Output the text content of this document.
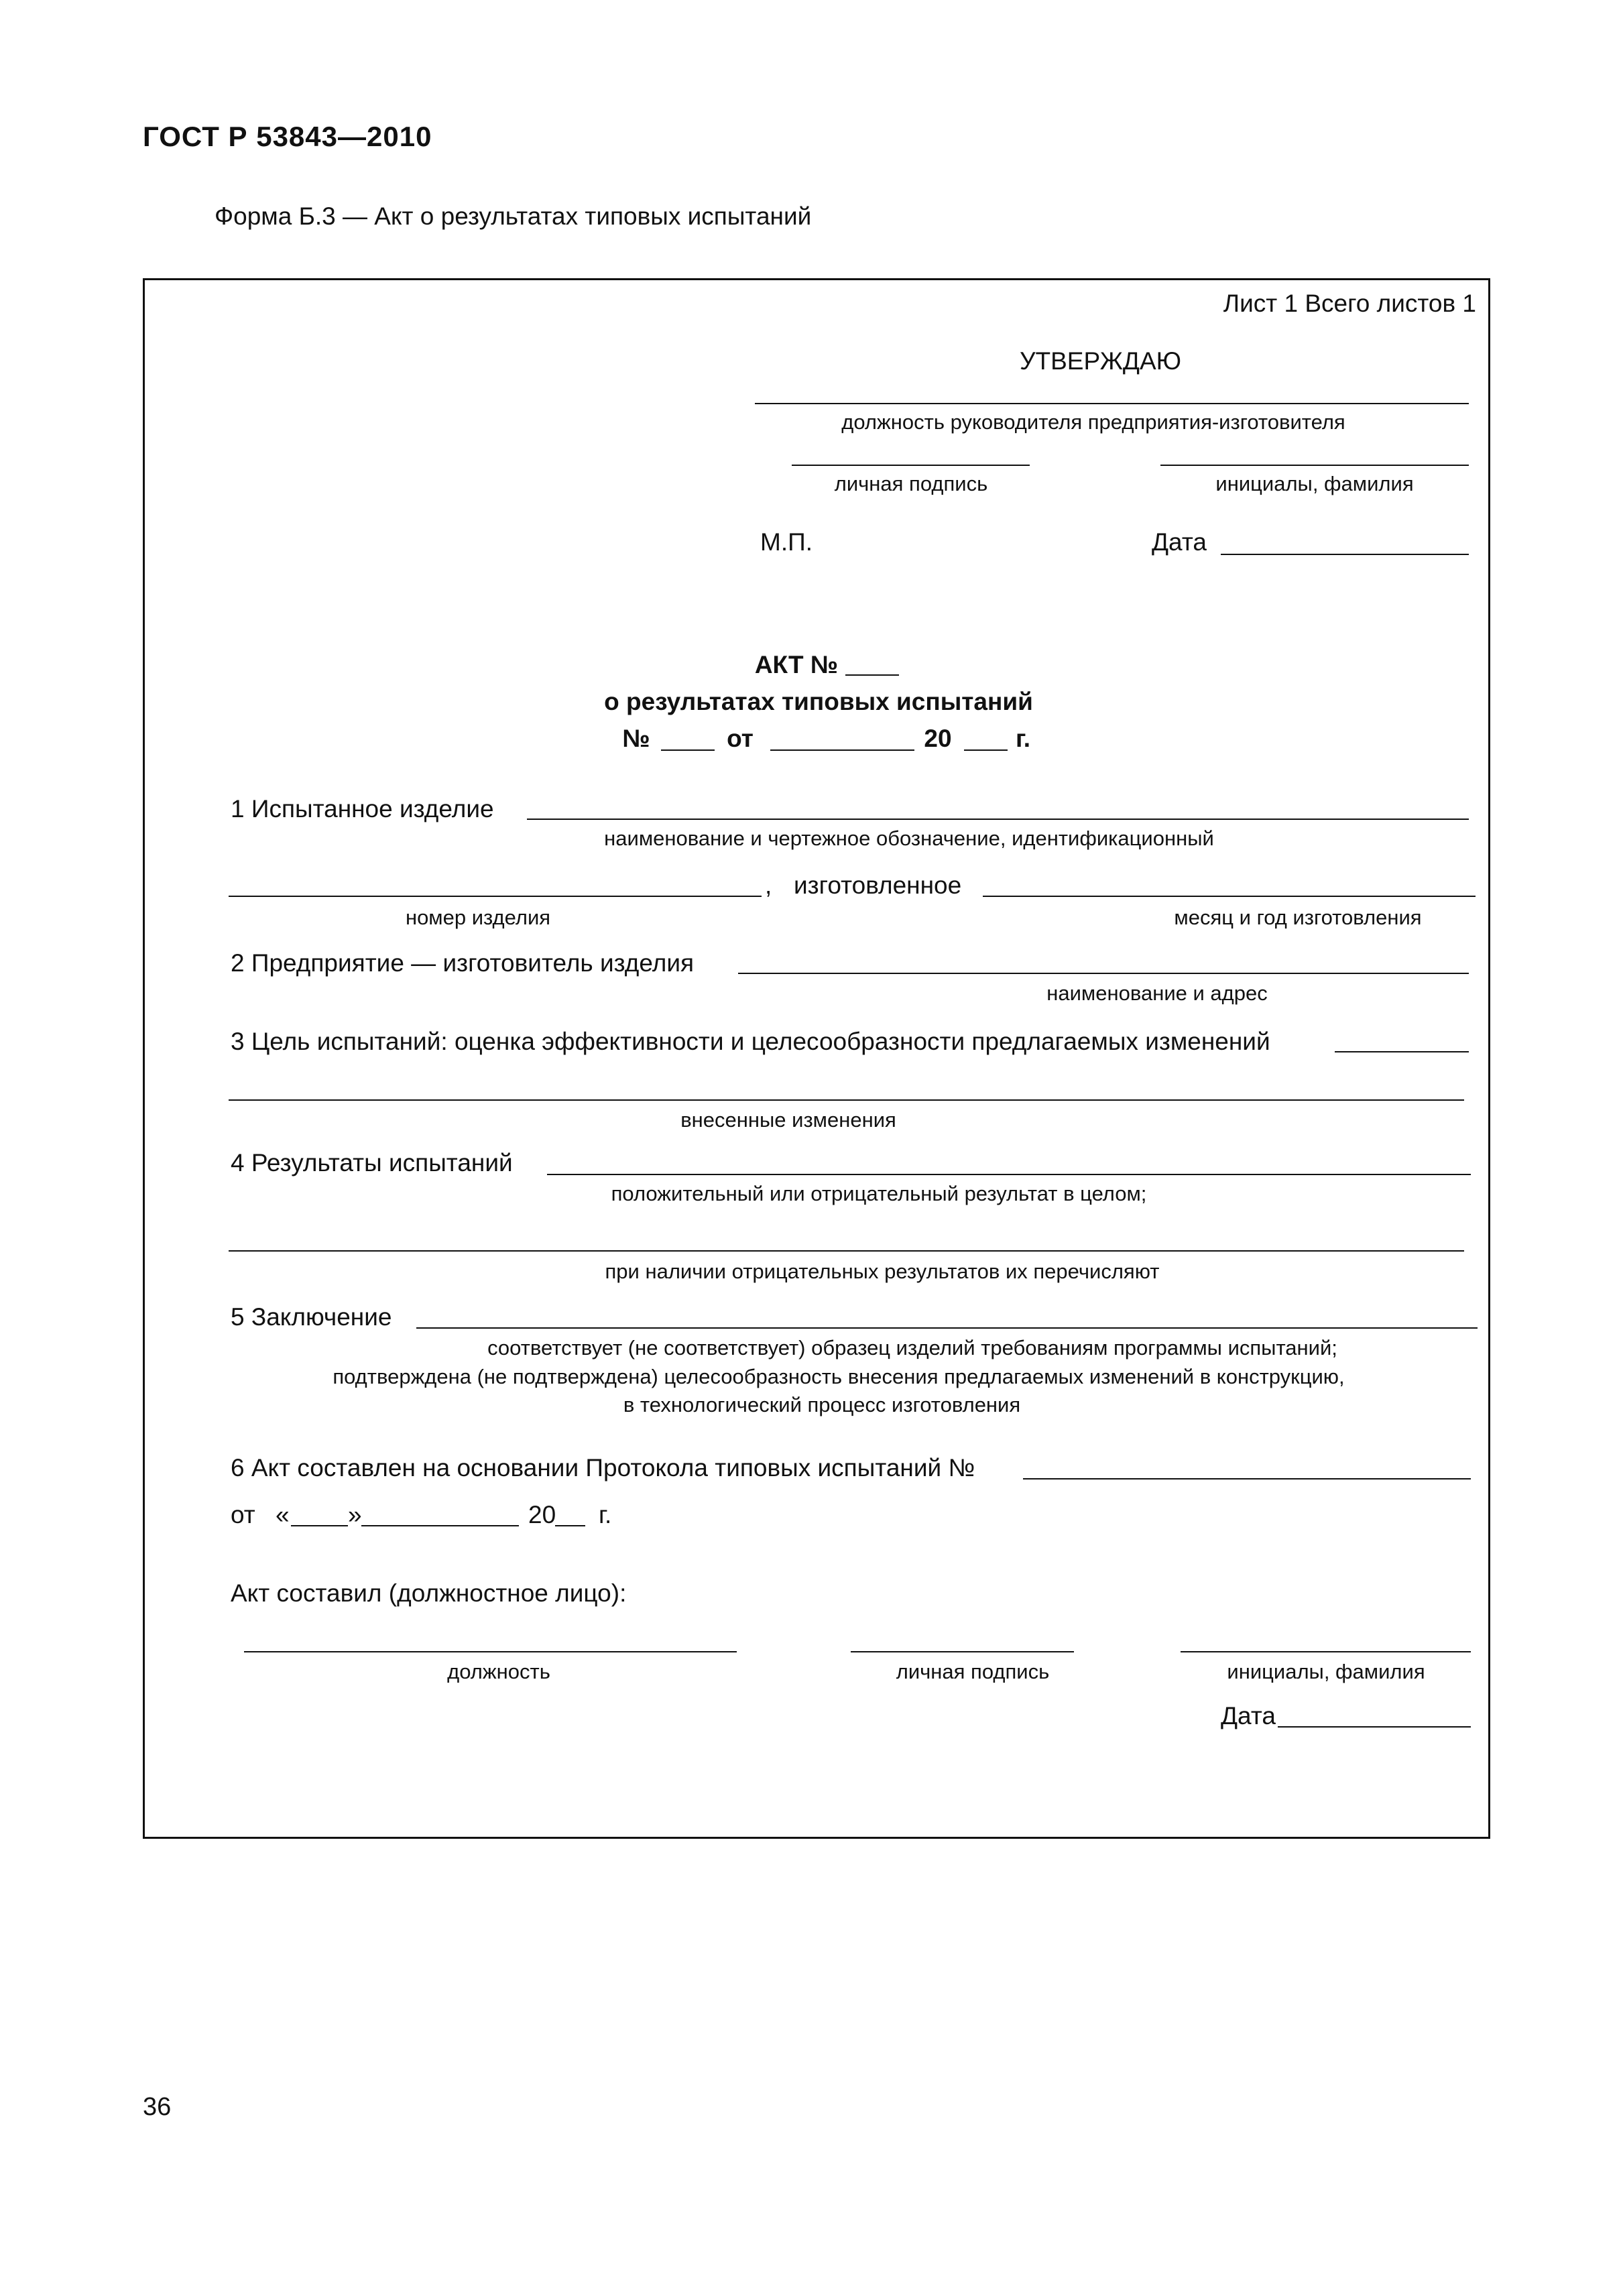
ГОСТ Р 53843—2010
Форма Б.3 — Акт о результатах типовых испытаний
Лист 1 Всего листов 1
УТВЕРЖДАЮ
должность руководителя предприятия-изготовителя
личная подпись	инициалы, фамилия
М.П.	Дата
АКТ №
о результатах типовых испытаний
№	от	20	г.
1 Испытанное изделие
наименование и чертежное обозначение, идентификационный
, изготовленное
номер изделия	месяц и год изготовления
2 Предприятие — изготовитель изделия
наименование и адрес
3 Цель испытаний: оценка эффективности и целесообразности предлагаемых изменений
внесенные изменения
4 Результаты испытаний
положительный или отрицательный результат в целом;
при наличии отрицательных результатов их перечисляют
5 Заключение
соответствует (не соответствует) образец изделий требованиям программы испытаний;
подтверждена (не подтверждена) целесообразность внесения предлагаемых изменений в конструкцию,
в технологический процесс изготовления
6 Акт составлен на основании Протокола типовых испытаний №
от « »	20 г.
Акт составил (должностное лицо):
должность	личная подпись	инициалы, фамилия
Дата
36
